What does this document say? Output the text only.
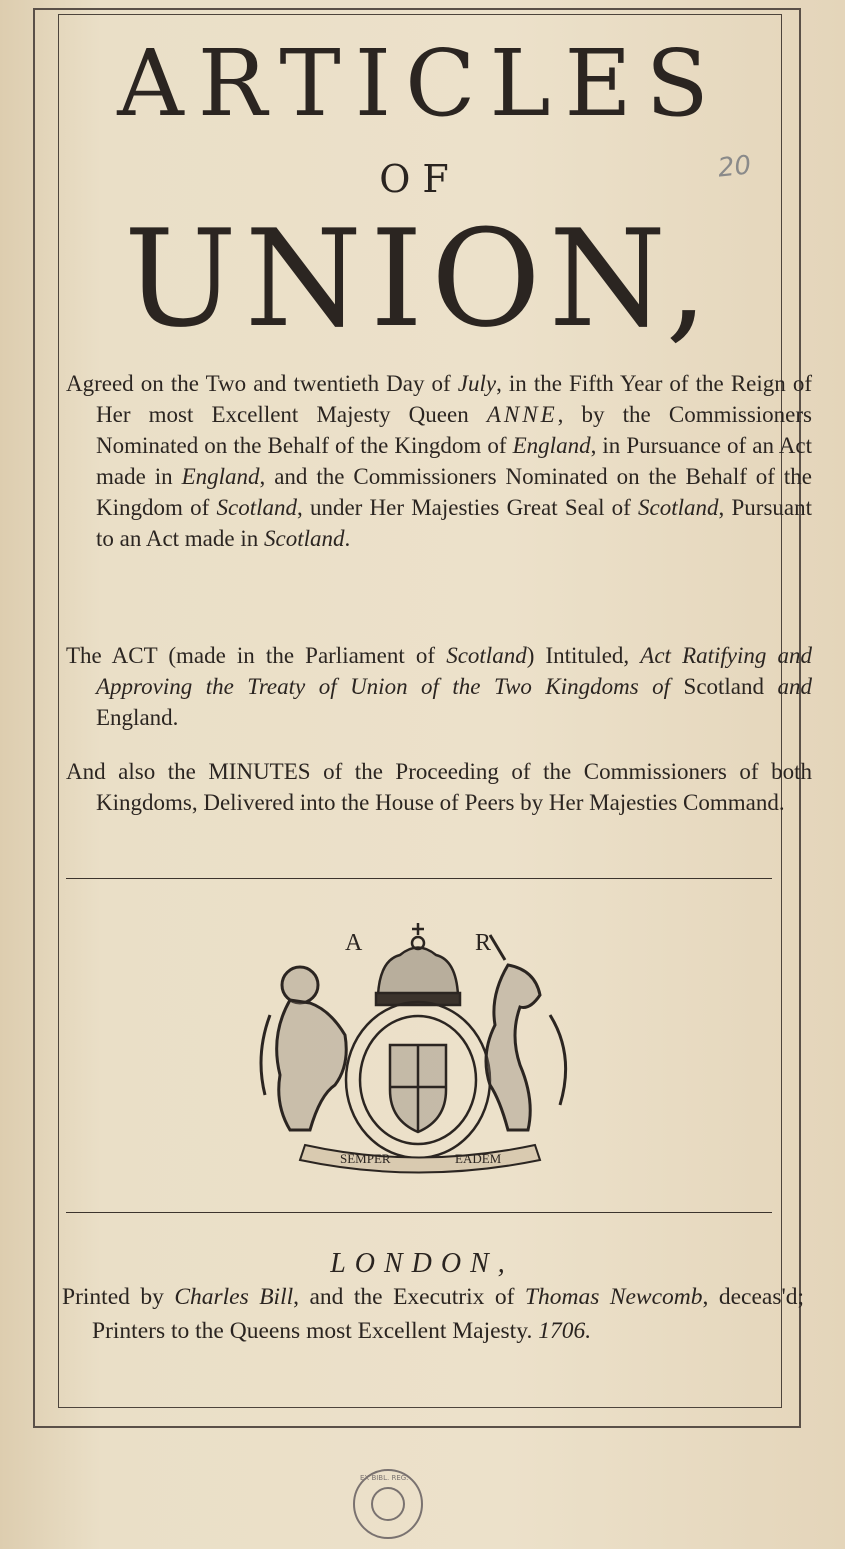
ARTICLES
OF
UNION,
20
Agreed on the Two and twentieth Day of July, in the Fifth Year of the Reign of Her most Excellent Majesty Queen ANNE, by the Commissioners Nominated on the Behalf of the Kingdom of England, in Pursuance of an Act made in England, and the Commissioners Nominated on the Behalf of the Kingdom of Scotland, under Her Majesties Great Seal of Scotland, Pursuant to an Act made in Scotland.
The ACT (made in the Parliament of Scotland) Intituled, Act Ratifying and Approving the Treaty of Union of the Two Kingdoms of Scotland and England.
And also the MINUTES of the Proceeding of the Commissioners of both Kingdoms, Delivered into the House of Peers by Her Majesties Command.
A	R
SEMPER	EADEM
LONDON,
Printed by Charles Bill, and the Executrix of Thomas Newcomb, deceas'd; Printers to the Queens most Excellent Majesty. 1706.
EX BIBL. REG.
